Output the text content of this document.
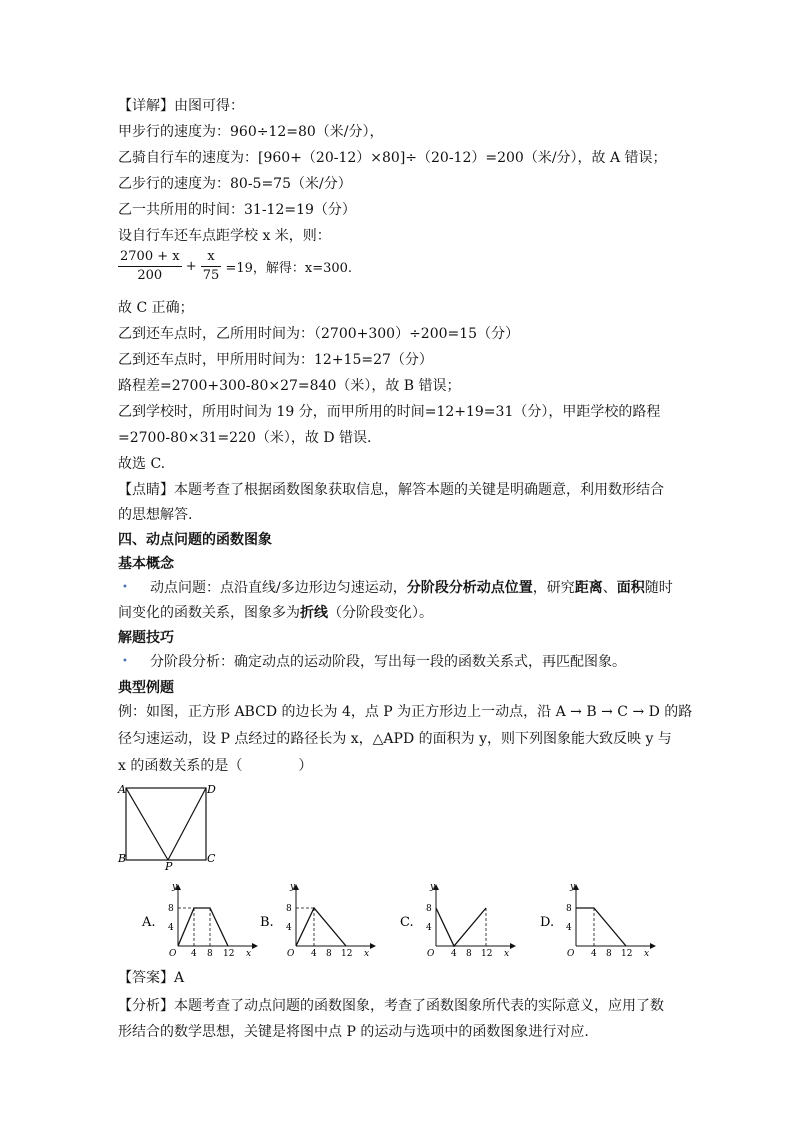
【详解】由图可得：
甲步行的速度为：960÷12=80（米/分），
乙骑自行车的速度为：[960+（20-12）×80]÷（20-12）=200（米/分），故 A 错误；
乙步行的速度为：80-5=75（米/分）
乙一共所用的时间：31-12=19（分）
设自行车还车点距学校 x 米，则：
$\frac{2700 + x}{200} + \frac{x}{75} =19$，解得：x=300.
故 C 正确；
乙到还车点时，乙所用时间为：（2700+300）÷200=15（分）
乙到还车点时，甲所用时间为：12+15=27（分）
路程差=2700+300-80×27=840（米），故 B 错误；
乙到学校时，所用时间为 19 分，而甲所用的时间=12+19=31（分），甲距学校的路程
=2700-80×31=220（米），故 D 错误.
故选 C.
【点睛】本题考查了根据函数图象获取信息，解答本题的关键是明确题意，利用数形结合
的思想解答.
四、动点问题的函数图象
基本概念
• 动点问题：点沿直线/多边形边匀速运动，分阶段分析动点位置，研究距离、面积随时
间变化的函数关系，图象多为折线（分阶段变化）。
解题技巧
• 分阶段分析：确定动点的运动阶段，写出每一段的函数关系式，再匹配图象。
典型例题
例：如图，正方形 ABCD 的边长为 4，点 P 为正方形边上一动点，沿 A → B → C → D 的路
径匀速运动，设 P 点经过的路径长为 x，△APD 的面积为 y，则下列图象能大致反映 y 与
x 的函数关系的是（　　　　）
A	D
B	C
P
A.
8
4
4 8 12
O	x
y
B.
8
4
4 8 12
O	x
y
C.
8
4
4 8 12
O	x
y
D.
8
4
4 8 12
O	x
y
【答案】A
【分析】本题考查了动点问题的函数图象，考查了函数图象所代表的实际意义，应用了数
形结合的数学思想，关键是将图中点 P 的运动与选项中的函数图象进行对应.
